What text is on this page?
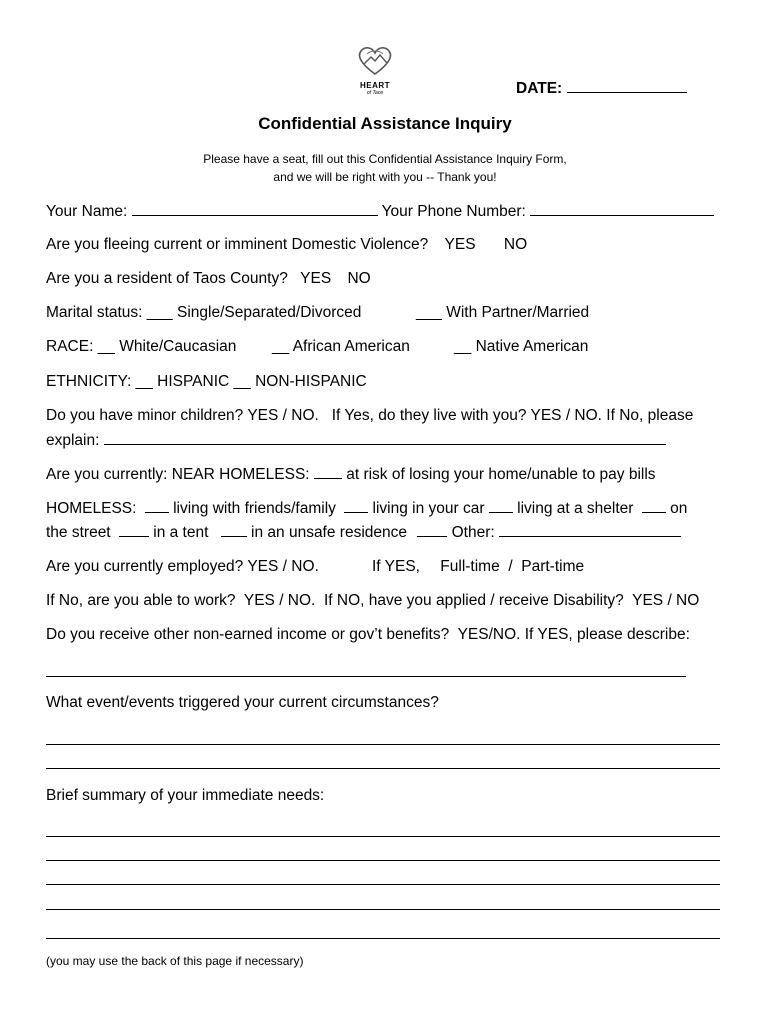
HEART
of Taos	DATE:
Confidential Assistance Inquiry
Please have a seat, fill out this Confidential Assistance Inquiry Form,
and we will be right with you -- Thank you!
Your Name:	Your Phone Number:
Are you fleeing current or imminent Domestic Violence? YES NO
Are you a resident of Taos County? YES NO
Marital status: ___ Single/Separated/Divorced	___ With Partner/Married
RACE: __ White/Caucasian __ African American	__ Native American
ETHNICITY: __ HISPANIC __ NON-HISPANIC
Do you have minor children? YES / NO.   If Yes, do they live with you? YES / NO. If No, please
explain:
Are you currently: NEAR HOMELESS: at risk of losing your home/unable to pay bills
HOMELESS: living with friends/family living in your car living at a shelter on
the street	in a tent	in an unsafe residence	Other:
Are you currently employed? YES / NO.	If YES, Full-time  /  Part-time
If No, are you able to work?  YES / NO.  If NO, have you applied / receive Disability?  YES / NO
Do you receive other non-earned income or gov’t benefits?  YES/NO. If YES, please describe:
What event/events triggered your current circumstances?
Brief summary of your immediate needs:
(you may use the back of this page if necessary)
